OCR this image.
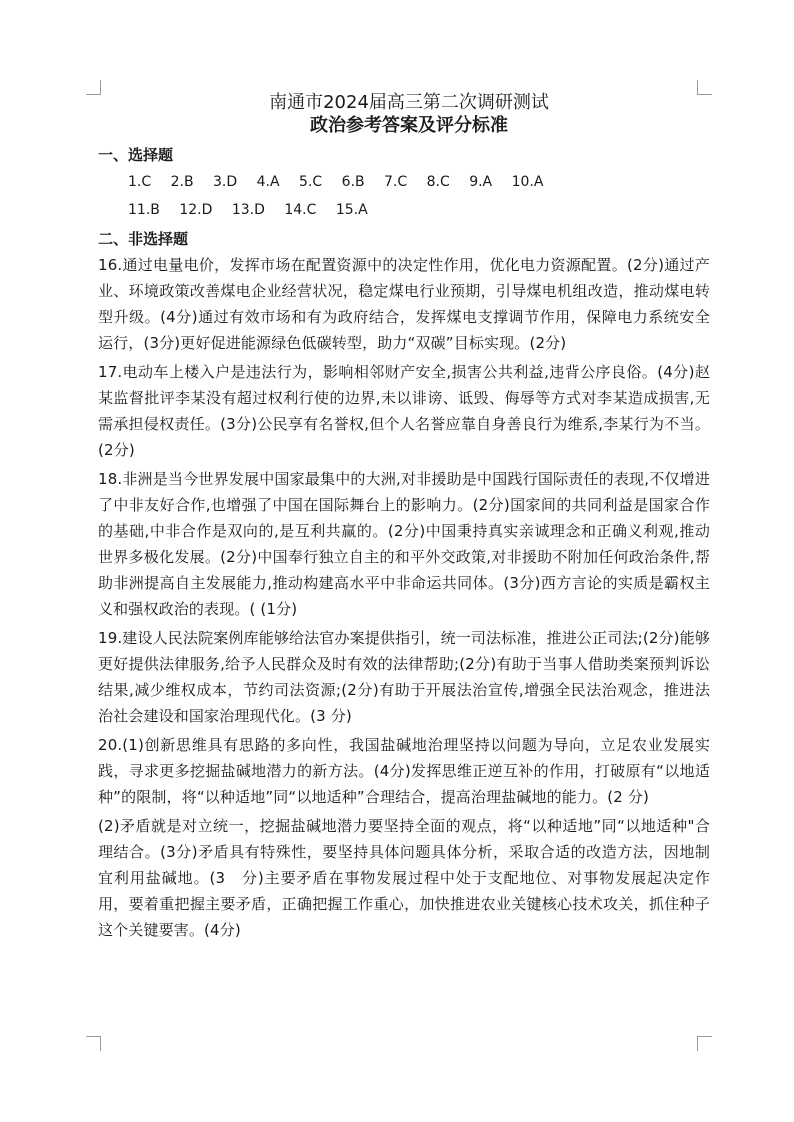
南通市2024届高三第二次调研测试
政治参考答案及评分标准
一、选择题
1.C 2.B 3.D 4.A 5.C 6.B 7.C 8.C 9.A 10.A
11.B 12.D 13.D 14.C 15.A
二、非选择题

16.通过电量电价，发挥市场在配置资源中的决定性作用，优化电力资源配置。(2分)通过产业、环境政策改善煤电企业经营状况，稳定煤电行业预期，引导煤电机组改造，推动煤电转型升级。(4分)通过有效市场和有为政府结合，发挥煤电支撑调节作用，保障电力系统安全运行，(3分)更好促进能源绿色低碳转型，助力“双碳”目标实现。(2分)

17.电动车上楼入户是违法行为，影响相邻财产安全,损害公共利益,违背公序良俗。(4分)赵某监督批评李某没有超过权利行使的边界,未以诽谤、诋毁、侮辱等方式对李某造成损害,无需承担侵权责任。(3分)公民享有名誉权,但个人名誉应靠自身善良行为维系,李某行为不当。(2分)

18.非洲是当今世界发展中国家最集中的大洲,对非援助是中国践行国际责任的表现,不仅增进了中非友好合作,也增强了中国在国际舞台上的影响力。(2分)国家间的共同利益是国家合作的基础,中非合作是双向的,是互利共赢的。(2分)中国秉持真实亲诚理念和正确义利观,推动世界多极化发展。(2分)中国奉行独立自主的和平外交政策,对非援助不附加任何政治条件,帮助非洲提高自主发展能力,推动构建高水平中非命运共同体。(3分)西方言论的实质是霸权主义和强权政治的表现。( (1分)

19.建设人民法院案例库能够给法官办案提供指引，统一司法标准，推进公正司法;(2分)能够更好提供法律服务,给予人民群众及时有效的法律帮助;(2分)有助于当事人借助类案预判诉讼结果,减少维权成本，节约司法资源;(2分)有助于开展法治宣传,增强全民法治观念，推进法治社会建设和国家治理现代化。(3 分)

20.(1)创新思维具有思路的多向性，我国盐碱地治理坚持以问题为导向，立足农业发展实践，寻求更多挖掘盐碱地潜力的新方法。(4分)发挥思维正逆互补的作用，打破原有“以地适种”的限制，将“以种适地”同“以地适种”合理结合，提高治理盐碱地的能力。(2 分)

(2)矛盾就是对立统一，挖掘盐碱地潜力要坚持全面的观点，将“以种适地”同“以地适种"合理结合。(3分)矛盾具有特殊性，要坚持具体问题具体分析，采取合适的改造方法，因地制宜利用盐碱地。(3　分)主要矛盾在事物发展过程中处于支配地位、对事物发展起决定作用，要着重把握主要矛盾，正确把握工作重心，加快推进农业关键核心技术攻关，抓住种子这个关键要害。(4分)
